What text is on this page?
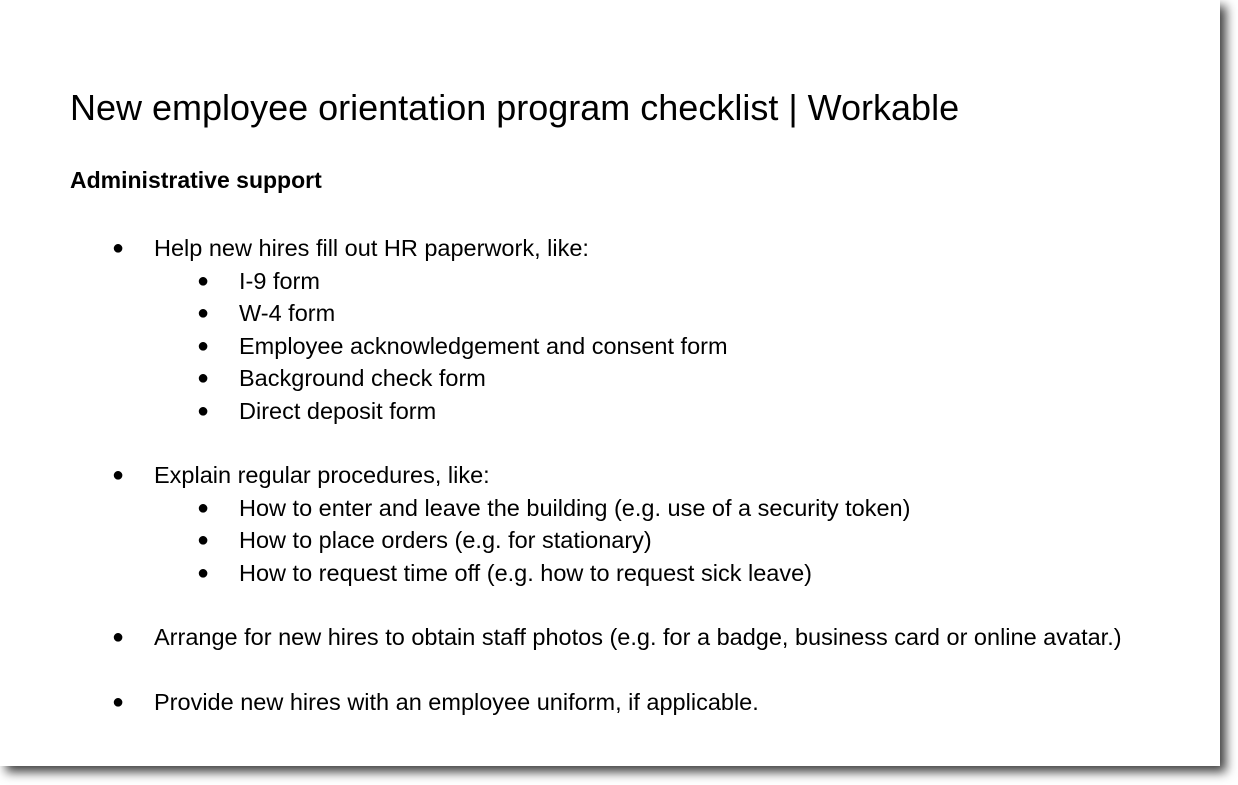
New employee orientation program checklist | Workable
Administrative support
● Help new hires fill out HR paperwork, like:
● I-9 form
● W-4 form
● Employee acknowledgement and consent form
● Background check form
● Direct deposit form
● Explain regular procedures, like:
● How to enter and leave the building (e.g. use of a security token)
● How to place orders (e.g. for stationary)
● How to request time off (e.g. how to request sick leave)
● Arrange for new hires to obtain staff photos (e.g. for a badge, business card or online avatar.)
● Provide new hires with an employee uniform, if applicable.
